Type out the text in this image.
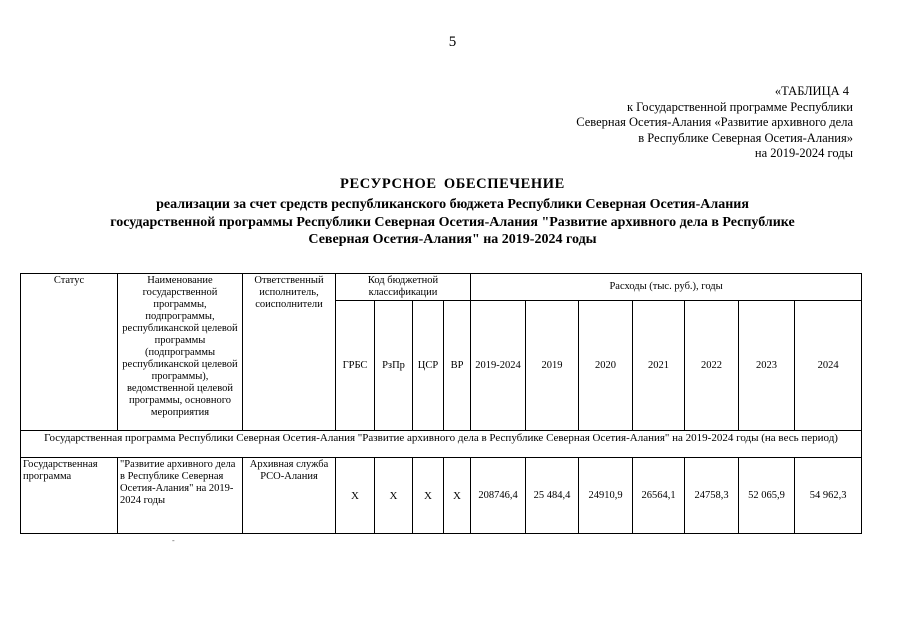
5
«ТАБЛИЦА 4
к Государственной программе Республики
Северная Осетия-Алания «Развитие архивного дела
в Республике Северная Осетия-Алания»
на 2019-2024 годы
РЕСУРСНОЕ ОБЕСПЕЧЕНИЕ
реализации за счет средств республиканского бюджета Республики Северная Осетия-Алания
государственной программы Республики Северная Осетия-Алания "Развитие архивного дела в Республике
Северная Осетия-Алания" на 2019-2024 годы
Статус	Наименование государственной программы, подпрограммы, республиканской целевой программы (подпрограммы республиканской целевой программы), ведомственной целевой программы, основного мероприятия	Ответственный исполнитель, соисполнители	Код бюджетной классификации				Расходы (тыс. руб.), годы						
			ГРБС	РзПр	ЦСР	ВР	2019-2024	2019	2020	2021	2022	2023	2024
Государственная программа Республики Северная Осетия-Алания "Развитие архивного дела в Республике Северная Осетия-Алания" на 2019-2024 годы (на весь период)													
Государственная программа	"Развитие архивного дела в Республике Северная Осетия-Алания" на 2019-2024 годы	Архивная служба РСО-Алания	X	X	X	X	208746,4	25 484,4	24910,9	26564,1	24758,3	52 065,9	54 962,3
-
